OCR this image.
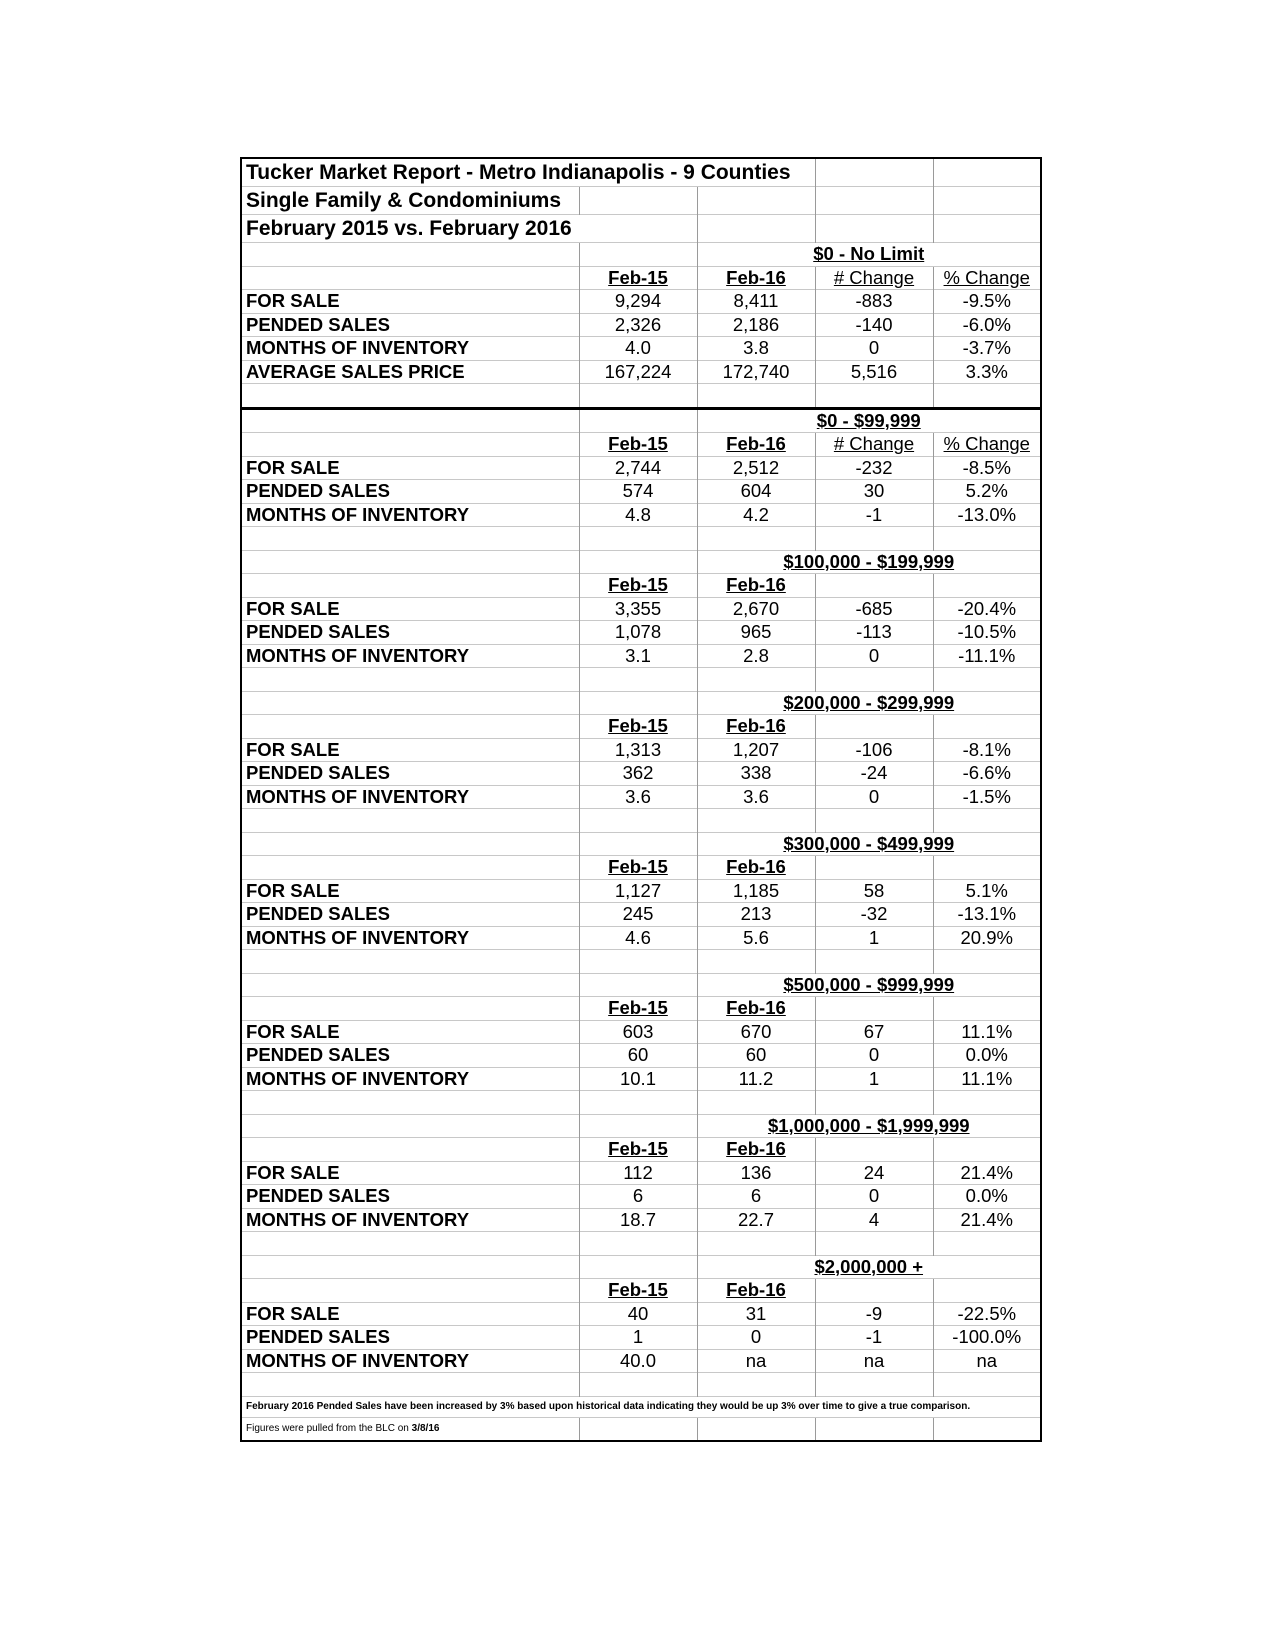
Tucker Market Report - Metro Indianapolis - 9 Counties				
Single Family & Condominiums				
February 2015 vs. February 2016				
		$0 - No Limit		
	Feb-15	Feb-16	# Change	% Change
FOR SALE	9,294	8,411	-883	-9.5%
PENDED SALES	2,326	2,186	-140	-6.0%
MONTHS OF INVENTORY	4.0	3.8	0	-3.7%
AVERAGE SALES PRICE	167,224	172,740	5,516	3.3%

		$0 - $99,999		
	Feb-15	Feb-16	# Change	% Change
FOR SALE	2,744	2,512	-232	-8.5%
PENDED SALES	574	604	30	5.2%
MONTHS OF INVENTORY	4.8	4.2	-1	-13.0%

		$100,000 - $199,999		
	Feb-15	Feb-16		
FOR SALE	3,355	2,670	-685	-20.4%
PENDED SALES	1,078	965	-113	-10.5%
MONTHS OF INVENTORY	3.1	2.8	0	-11.1%

		$200,000 - $299,999		
	Feb-15	Feb-16		
FOR SALE	1,313	1,207	-106	-8.1%
PENDED SALES	362	338	-24	-6.6%
MONTHS OF INVENTORY	3.6	3.6	0	-1.5%

		$300,000 - $499,999		
	Feb-15	Feb-16		
FOR SALE	1,127	1,185	58	5.1%
PENDED SALES	245	213	-32	-13.1%
MONTHS OF INVENTORY	4.6	5.6	1	20.9%

		$500,000 - $999,999		
	Feb-15	Feb-16		
FOR SALE	603	670	67	11.1%
PENDED SALES	60	60	0	0.0%
MONTHS OF INVENTORY	10.1	11.2	1	11.1%

		$1,000,000 - $1,999,999		
	Feb-15	Feb-16		
FOR SALE	112	136	24	21.4%
PENDED SALES	6	6	0	0.0%
MONTHS OF INVENTORY	18.7	22.7	4	21.4%

		$2,000,000 +		
	Feb-15	Feb-16		
FOR SALE	40	31	-9	-22.5%
PENDED SALES	1	0	-1	-100.0%
MONTHS OF INVENTORY	40.0	na	na	na

February 2016 Pended Sales have been increased by 3% based upon historical data indicating they would be up 3% over time to give a true comparison.				
Figures were pulled from the BLC on 3/8/16				
